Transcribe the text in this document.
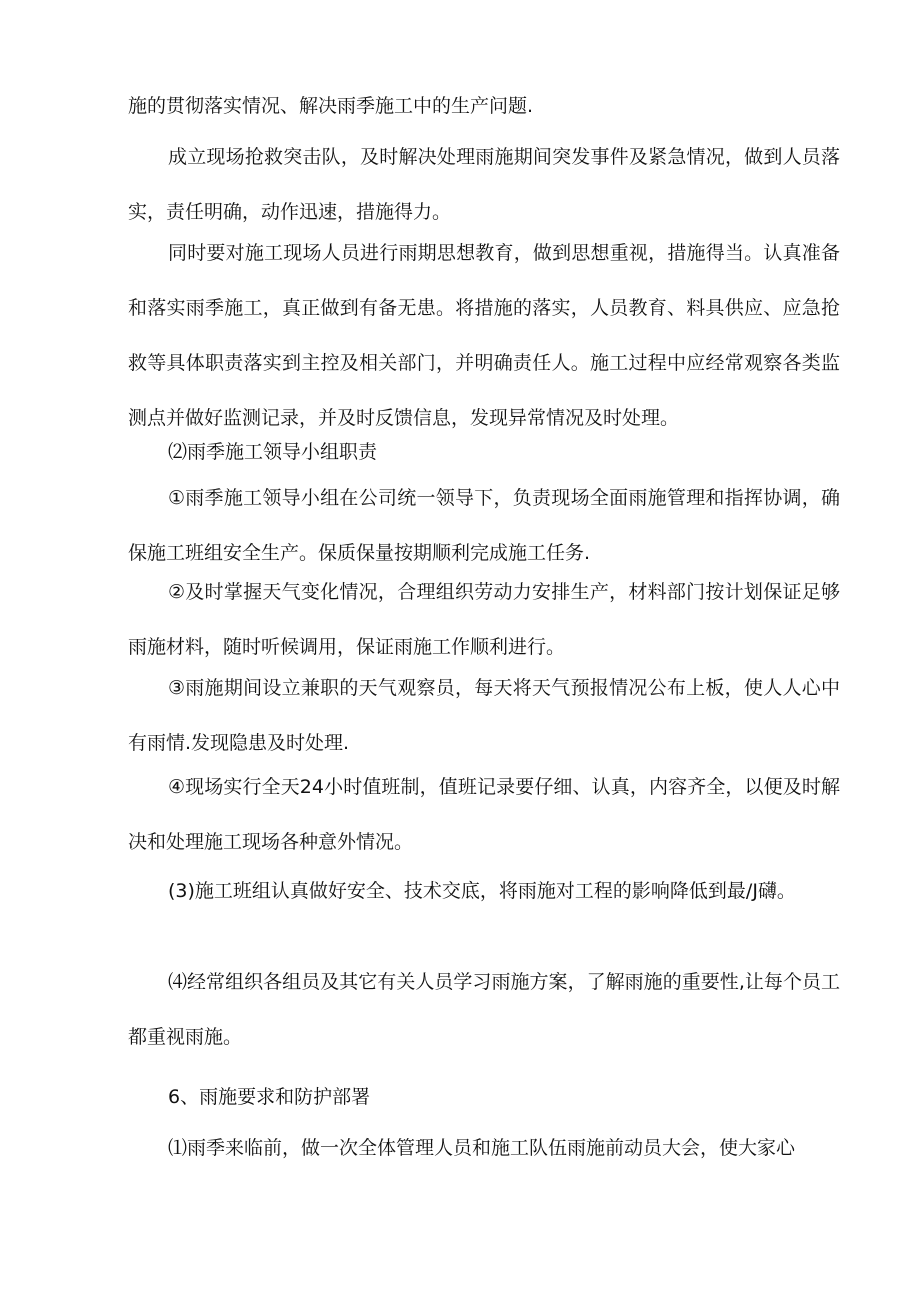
施的贯彻落实情况、解决雨季施工中的生产问题.

成立现场抢救突击队，及时解决处理雨施期间突发事件及紧急情况，做到人员落实，责任明确，动作迅速，措施得力。

同时要对施工现场人员进行雨期思想教育，做到思想重视，措施得当。认真准备和落实雨季施工，真正做到有备无患。将措施的落实，人员教育、料具供应、应急抢救等具体职责落实到主控及相关部门，并明确责任人。施工过程中应经常观察各类监测点并做好监测记录，并及时反馈信息，发现异常情况及时处理。

⑵雨季施工领导小组职责

①雨季施工领导小组在公司统一领导下，负责现场全面雨施管理和指挥协调，确保施工班组安全生产。保质保量按期顺利完成施工任务.

②及时掌握天气变化情况，合理组织劳动力安排生产，材料部门按计划保证足够雨施材料，随时听候调用，保证雨施工作顺利进行。

③雨施期间设立兼职的天气观察员，每天将天气预报情况公布上板，使人人心中有雨情.发现隐患及时处理.

④现场实行全天24小时值班制，值班记录要仔细、认真，内容齐全，以便及时解决和处理施工现场各种意外情况。

(3)施工班组认真做好安全、技术交底，将雨施对工程的影响降低到最/J礴。

⑷经常组织各组员及其它有关人员学习雨施方案，了解雨施的重要性,让每个员工都重视雨施。

6、雨施要求和防护部署

⑴雨季来临前，做一次全体管理人员和施工队伍雨施前动员大会，使大家心
